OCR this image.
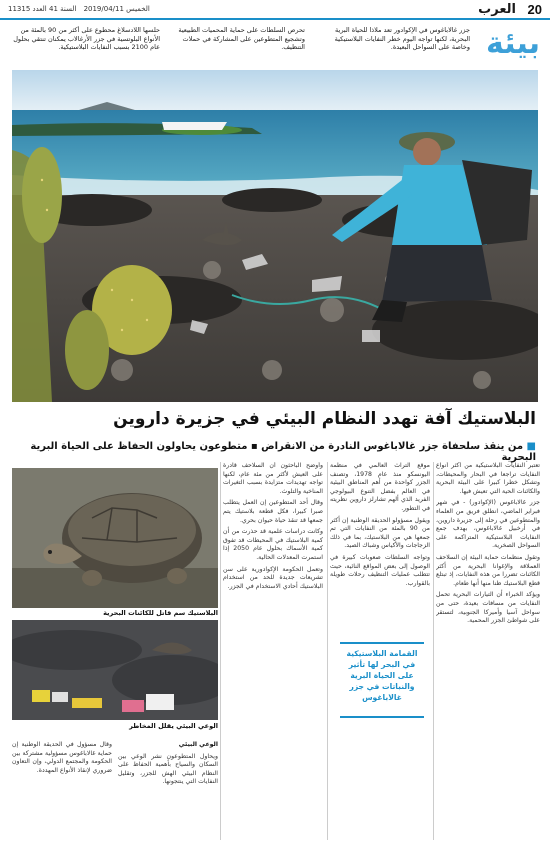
الخميس 2019/04/11 السنة 41 العدد 11315	العرب 20
بيئة
جزر غالاباغوس في الإكوادور تعد ملاذا للحياة البرية البحرية، لكنها تواجه اليوم خطر النفايات البلاستيكية وخاصة على السواحل البعيدة.
تحرص السلطات على حماية المحميات الطبيعية وتشجيع المتطوعين على المشاركة في حملات التنظيف.
حلسها اللادسلاغ محطوع على أكثر من 90 بالمئة من الأنواع البلوتسية في جزر الأرغالاب يمكنان تنتقي بحلول عام 2100 بسبب النفايات البلاستيكية.
البلاستيك آفة تهدد النظام البيئي في جزيرة داروين
■ من ينقذ سلحفاة جزر غالاباغوس النادرة من الانقراض ▪ متطوعون يحاولون الحفاظ على الحياة البرية البحرية

تعتبر النفايات البلاستيكية من أكثر أنواع النفايات تراجعا في البحار والمحيطات، وتشكل خطرا كبيرا على البيئة البحرية والكائنات الحية التي تعيش فيها.

جزر غالاباغوس (الإكوادور) - في شهر فبراير الماضي، انطلق فريق من العلماء والمتطوعين في رحلة إلى جزيرة داروين، في أرخبيل غالاباغوس، بهدف جمع النفايات البلاستيكية المتراكمة على السواحل الصخرية.

وتقول منظمات حماية البيئة إن السلاحف العملاقة والإغوانا البحرية من أكثر الكائنات تضررا من هذه النفايات، إذ تبتلع قطع البلاستيك ظنا منها أنها طعام.

ويؤكد الخبراء أن التيارات البحرية تحمل النفايات من مسافات بعيدة، حتى من سواحل آسيا وأميركا الجنوبية، لتستقر على شواطئ الجزر المحمية.

موقع التراث العالمي في منظمة اليونسكو منذ عام 1978، وتصنف الجزر كواحدة من أهم المناطق البيئية في العالم بفضل التنوع البيولوجي الفريد الذي ألهم تشارلز داروين نظريته في التطور.

ويقول مسؤولو الحديقة الوطنية إن أكثر من 90 بالمئة من النفايات التي تم جمعها هي من البلاستيك، بما في ذلك الزجاجات والأكياس وشباك الصيد.

وتواجه السلطات صعوبات كبيرة في الوصول إلى بعض المواقع النائية، حيث تتطلب عمليات التنظيف رحلات طويلة بالقوارب.

القمامة البلاستيكية في البحر لها تأثير على الحياة البرية والنباتات في جزر غالاباغوس

وأوضح الباحثون أن السلاحف قادرة على العيش لأكثر من مئة عام، لكنها تواجه تهديدات متزايدة بسبب التغيرات المناخية والتلوث.

وقال أحد المتطوعين إن العمل يتطلب صبرا كبيرا، فكل قطعة بلاستيك يتم جمعها قد تنقذ حياة حيوان بحري.

وكانت دراسات علمية قد حذرت من أن كمية البلاستيك في المحيطات قد تفوق كمية الأسماك بحلول عام 2050 إذا استمرت المعدلات الحالية.

وتعمل الحكومة الإكوادورية على سن تشريعات جديدة للحد من استخدام البلاستيك أحادي الاستخدام في الجزر.

البلاستيك سم قاتل للكائنات البحرية
الوعي البيئي يقلل المخاطر

الوعي البيئي

ويحاول المتطوعون نشر الوعي بين السكان والسياح بأهمية الحفاظ على النظام البيئي الهش للجزر، وتقليل النفايات التي ينتجونها.

وقال مسؤول في الحديقة الوطنية إن حماية غالاباغوس مسؤولية مشتركة بين الحكومة والمجتمع الدولي، وإن التعاون ضروري لإنقاذ الأنواع المهددة.
